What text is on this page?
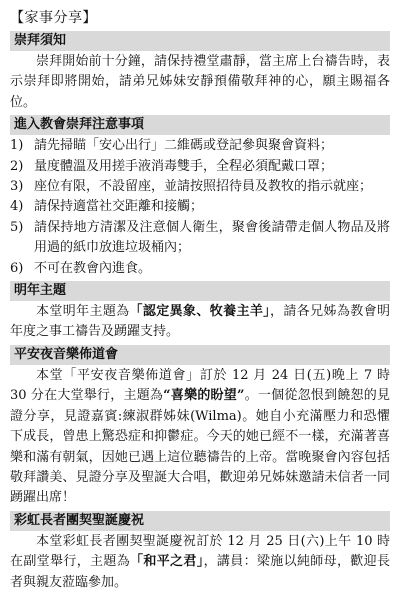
【家事分享】
崇拜須知

崇拜開始前十分鐘，請保持禮堂肅靜，當主席上台禱告時，表示崇拜即將開始，請弟兄姊妹安靜預備敬拜神的心，願主賜福各位。

進入教會崇拜注意事項
1) 請先掃瞄「安心出行」二維碼或登記參與聚會資料；
2) 量度體溫及用搓手液消毒雙手，全程必須配戴口罩；
3) 座位有限，不設留座，並請按照招待員及教牧的指示就座；
4) 請保持適當社交距離和接觸；
5) 請保持地方清潔及注意個人衛生，聚會後請帶走個人物品及將用過的紙巾放進垃圾桶內；
6) 不可在教會內進食。
明年主題

本堂明年主題為「認定異象、牧養主羊」，請各兄姊為教會明年度之事工禱告及踴躍支持。

平安夜音樂佈道會

本堂「平安夜音樂佈道會」訂於 12 月 24 日(五)晚上 7 時 30 分在大堂舉行，主題為“喜樂的盼望”。一個從忽恨到饒恕的見證分享，見證嘉賓:練淑群姊妹(Wilma)。她自小充滿壓力和恐懼下成長，曾患上驚恐症和抑鬱症。今天的她已經不一樣，充滿著喜樂和滿有朝氣，因她已遇上這位聽禱告的上帝。當晚聚會內容包括敬拜讚美、見證分享及聖誕大合唱，歡迎弟兄姊妹邀請未信者一同踴躍出席！

彩虹長者團契聖誕慶祝

本堂彩虹長者團契聖誕慶祝訂於 12 月 25 日(六)上午 10 時在副堂舉行，主題為「和平之君」，講員：梁施以純師母，歡迎長者與親友蒞臨參加。
